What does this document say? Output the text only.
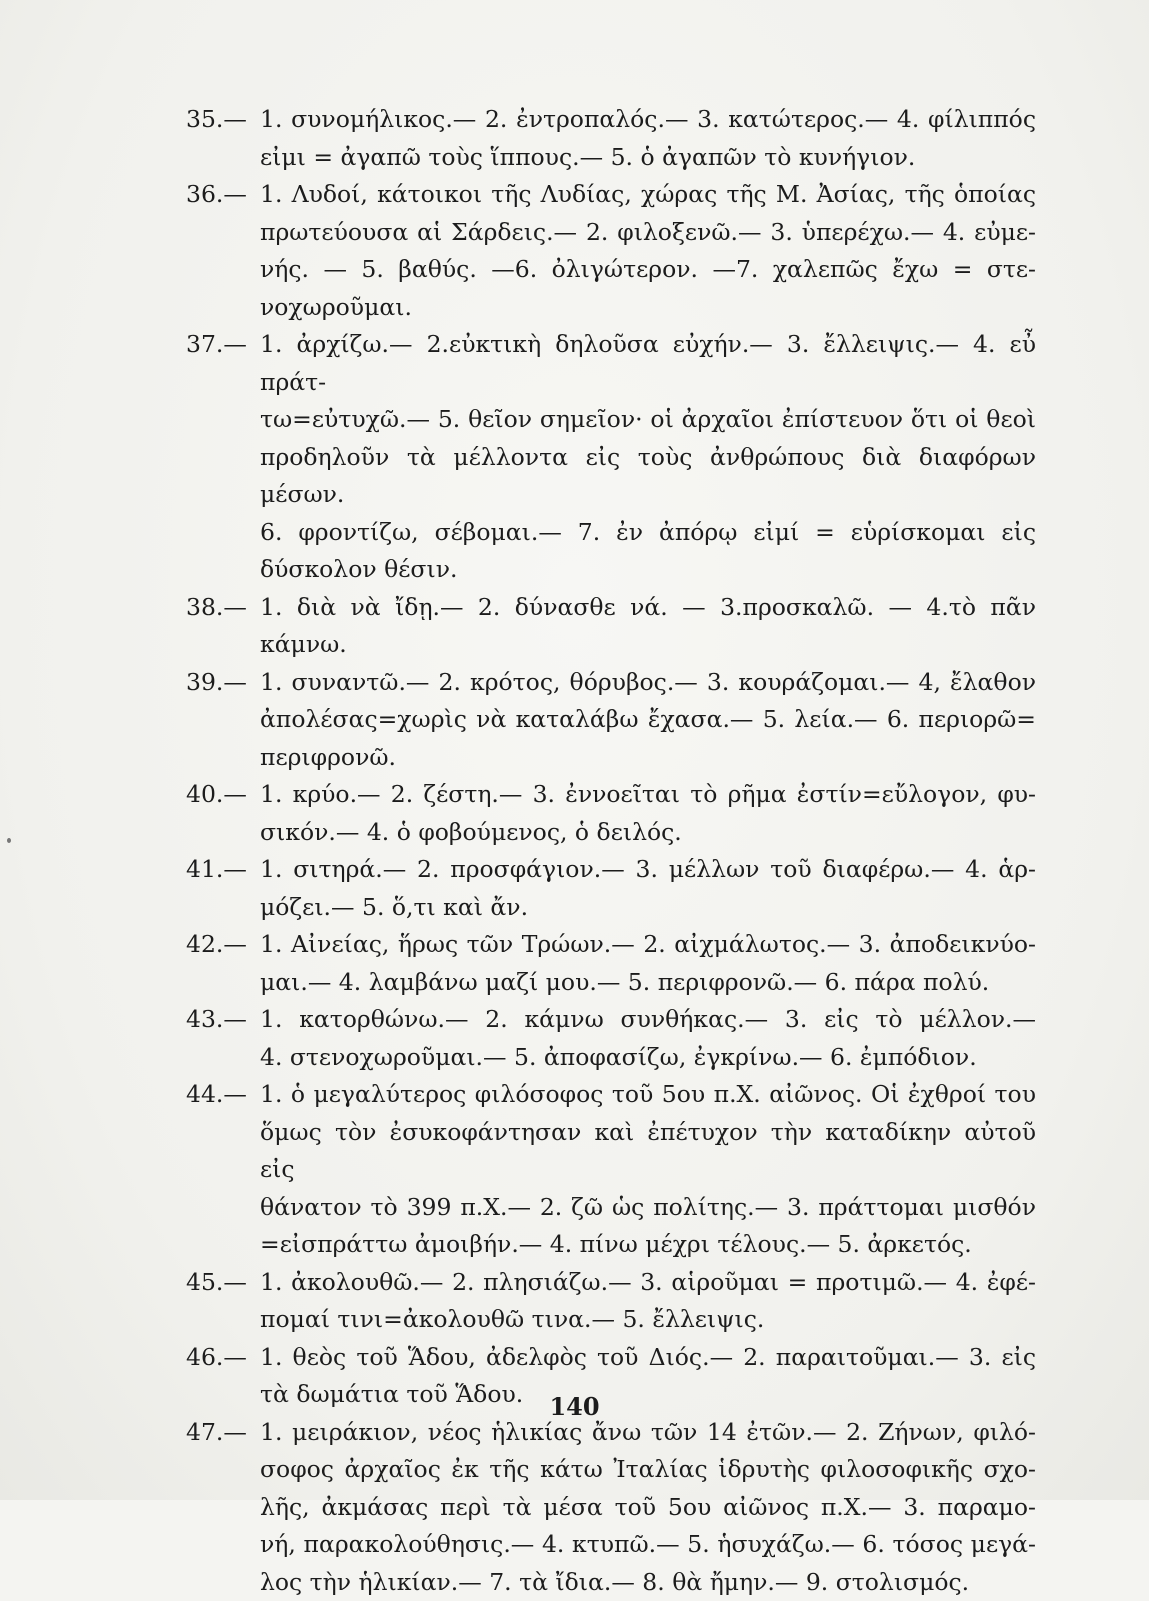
35.— 1. συνομήλικος.— 2. ἐντροπαλός.— 3. κατώτερος.— 4. φίλιππός
εἰμι = ἀγαπῶ τοὺς ἵππους.— 5. ὁ ἀγαπῶν τὸ κυνήγιον.
36.— 1. Λυδοί, κάτοικοι τῆς Λυδίας, χώρας τῆς Μ. Ἀσίας, τῆς ὁποίας
πρωτεύουσα αἱ Σάρδεις.— 2. φιλοξενῶ.— 3. ὑπερέχω.— 4. εὐμε-
νής. — 5. βαθύς. —6. ὀλιγώτερον. —7. χαλεπῶς ἔχω = στε-
νοχωροῦμαι.
37.— 1. ἀρχίζω.— 2.εὐκτικὴ δηλοῦσα εὐχήν.— 3. ἔλλειψις.— 4. εὖ πράτ-
τω=εὐτυχῶ.— 5. θεῖον σημεῖον· οἱ ἀρχαῖοι ἐπίστευον ὅτι οἱ θεοὶ
προδηλοῦν τὰ μέλλοντα εἰς τοὺς ἀνθρώπους διὰ διαφόρων μέσων.
6. φροντίζω, σέβομαι.— 7. ἐν ἀπόρῳ εἰμί = εὑρίσκομαι εἰς
δύσκολον θέσιν.
38.— 1. διὰ νὰ ἴδῃ.— 2. δύνασθε νά. — 3.προσκαλῶ. — 4.τὸ πᾶν κάμνω.
39.— 1. συναντῶ.— 2. κρότος, θόρυβος.— 3. κουράζομαι.— 4, ἔλαθον
ἀπολέσας=χωρὶς νὰ καταλάβω ἔχασα.— 5. λεία.— 6. περιορῶ=
περιφρονῶ.
40.— 1. κρύο.— 2. ζέστη.— 3. ἐννοεῖται τὸ ρῆμα ἐστίν=εὔλογον, φυ-
σικόν.— 4. ὁ φοβούμενος, ὁ δειλός.
41.— 1. σιτηρά.— 2. προσφάγιον.— 3. μέλλων τοῦ διαφέρω.— 4. ἁρ-
μόζει.— 5. ὅ,τι καὶ ἄν.
42.— 1. Αἰνείας, ἥρως τῶν Τρώων.— 2. αἰχμάλωτος.— 3. ἀποδεικνύο-
μαι.— 4. λαμβάνω μαζί μου.— 5. περιφρονῶ.— 6. πάρα πολύ.
43.— 1. κατορθώνω.— 2. κάμνω συνθήκας.— 3. εἰς τὸ μέλλον.—
4. στενοχωροῦμαι.— 5. ἀποφασίζω, ἐγκρίνω.— 6. ἐμπόδιον.
44.— 1. ὁ μεγαλύτερος φιλόσοφος τοῦ 5ου π.Χ. αἰῶνος. Οἱ ἐχθροί του
ὅμως τὸν ἐσυκοφάντησαν καὶ ἐπέτυχον τὴν καταδίκην αὐτοῦ εἰς
θάνατον τὸ 399 π.Χ.— 2. ζῶ ὡς πολίτης.— 3. πράττομαι μισθόν
=εἰσπράττω ἀμοιβήν.— 4. πίνω μέχρι τέλους.— 5. ἀρκετός.
45.— 1. ἀκολουθῶ.— 2. πλησιάζω.— 3. αἱροῦμαι = προτιμῶ.— 4. ἐφέ-
πομαί τινι=ἀκολουθῶ τινα.— 5. ἔλλειψις.
46.— 1. θεὸς τοῦ Ἅδου, ἀδελφὸς τοῦ Διός.— 2. παραιτοῦμαι.— 3. εἰς
τὰ δωμάτια τοῦ Ἅδου.
47.— 1. μειράκιον, νέος ἡλικίας ἄνω τῶν 14 ἐτῶν.— 2. Ζήνων, φιλό-
σοφος ἀρχαῖος ἐκ τῆς κάτω Ἰταλίας ἱδρυτὴς φιλοσοφικῆς σχο-
λῆς, ἀκμάσας περὶ τὰ μέσα τοῦ 5ου αἰῶνος π.Χ.— 3. παραμο-
νή, παρακολούθησις.— 4. κτυπῶ.— 5. ἡσυχάζω.— 6. τόσος μεγά-
λος τὴν ἡλικίαν.— 7. τὰ ἴδια.— 8. θὰ ἤμην.— 9. στολισμός.
140
